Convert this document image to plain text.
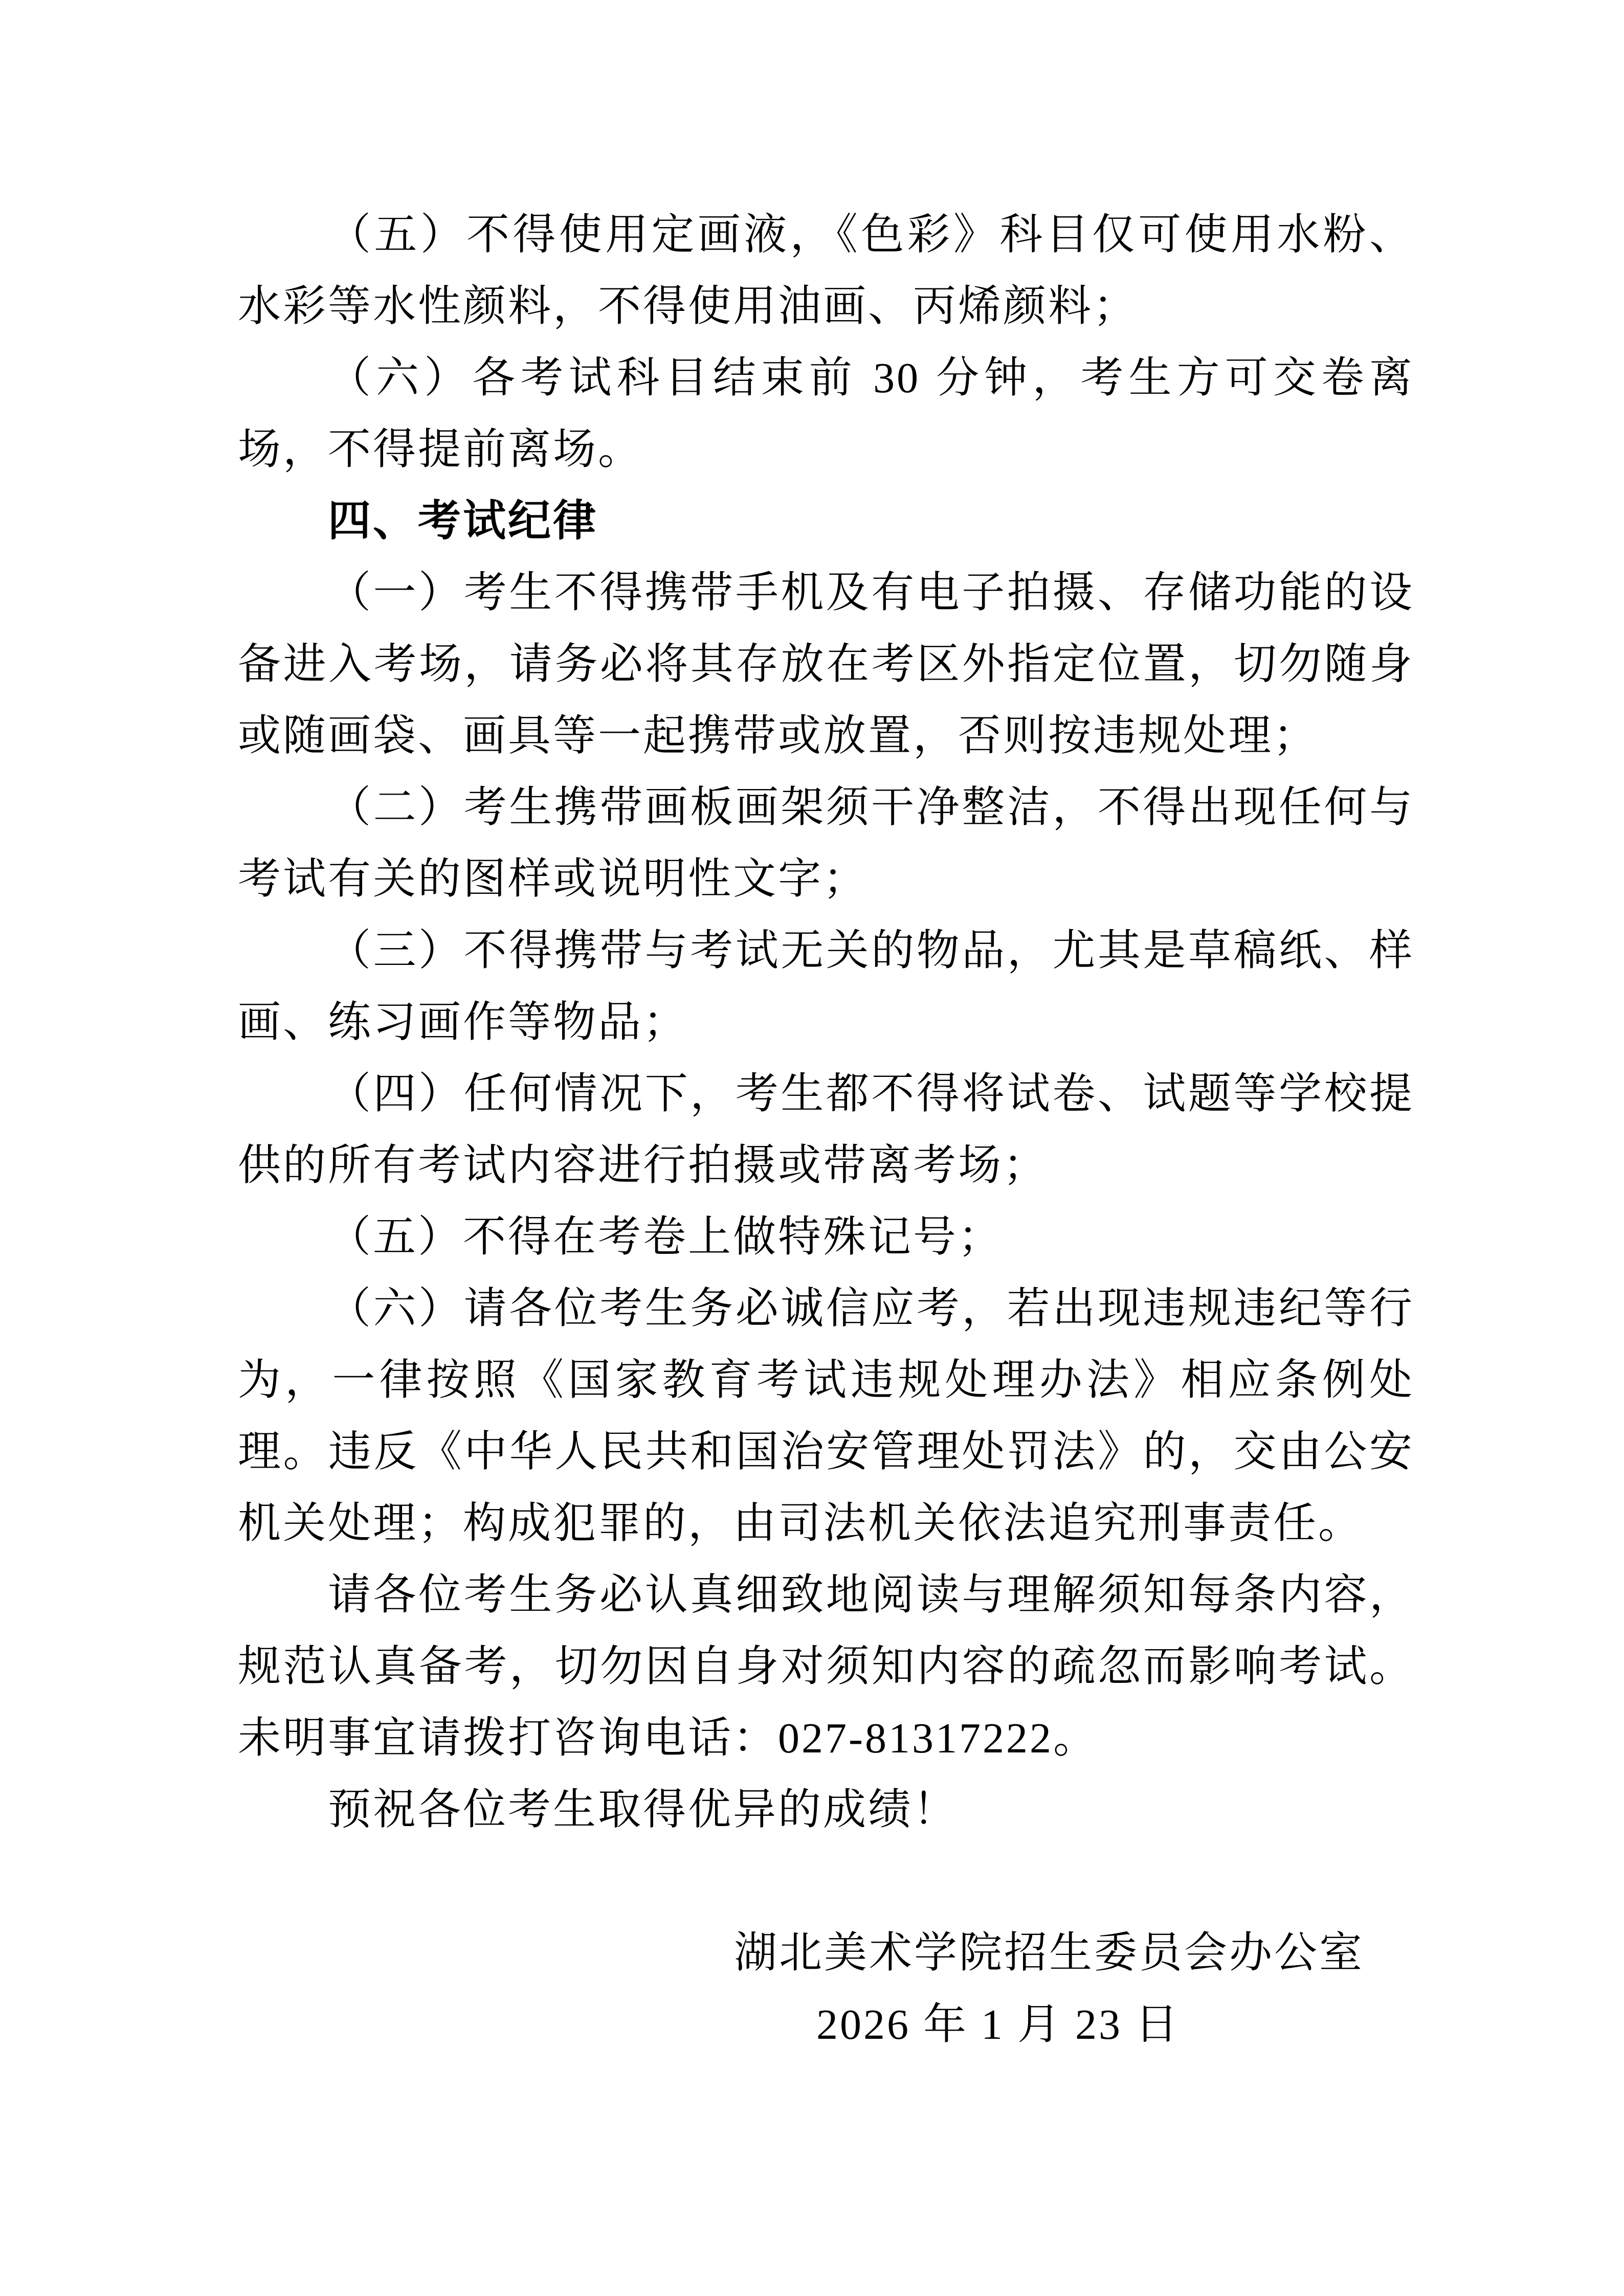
（五）不得使用定画液，《色彩》科目仅可使用水粉、水彩等水性颜料，不得使用油画、丙烯颜料；
（六）各考试科目结束前 30 分钟，考生方可交卷离场，不得提前离场。
四、考试纪律
（一）考生不得携带手机及有电子拍摄、存储功能的设备进入考场，请务必将其存放在考区外指定位置，切勿随身或随画袋、画具等一起携带或放置，否则按违规处理；
（二）考生携带画板画架须干净整洁，不得出现任何与考试有关的图样或说明性文字；
（三）不得携带与考试无关的物品，尤其是草稿纸、样画、练习画作等物品；
（四）任何情况下，考生都不得将试卷、试题等学校提供的所有考试内容进行拍摄或带离考场；
（五）不得在考卷上做特殊记号；
（六）请各位考生务必诚信应考，若出现违规违纪等行为，一律按照《国家教育考试违规处理办法》相应条例处理。违反《中华人民共和国治安管理处罚法》的，交由公安机关处理；构成犯罪的，由司法机关依法追究刑事责任。
请各位考生务必认真细致地阅读与理解须知每条内容，规范认真备考，切勿因自身对须知内容的疏忽而影响考试。未明事宜请拨打咨询电话：027-81317222。
预祝各位考生取得优异的成绩！
湖北美术学院招生委员会办公室
2026 年 1 月 23 日
